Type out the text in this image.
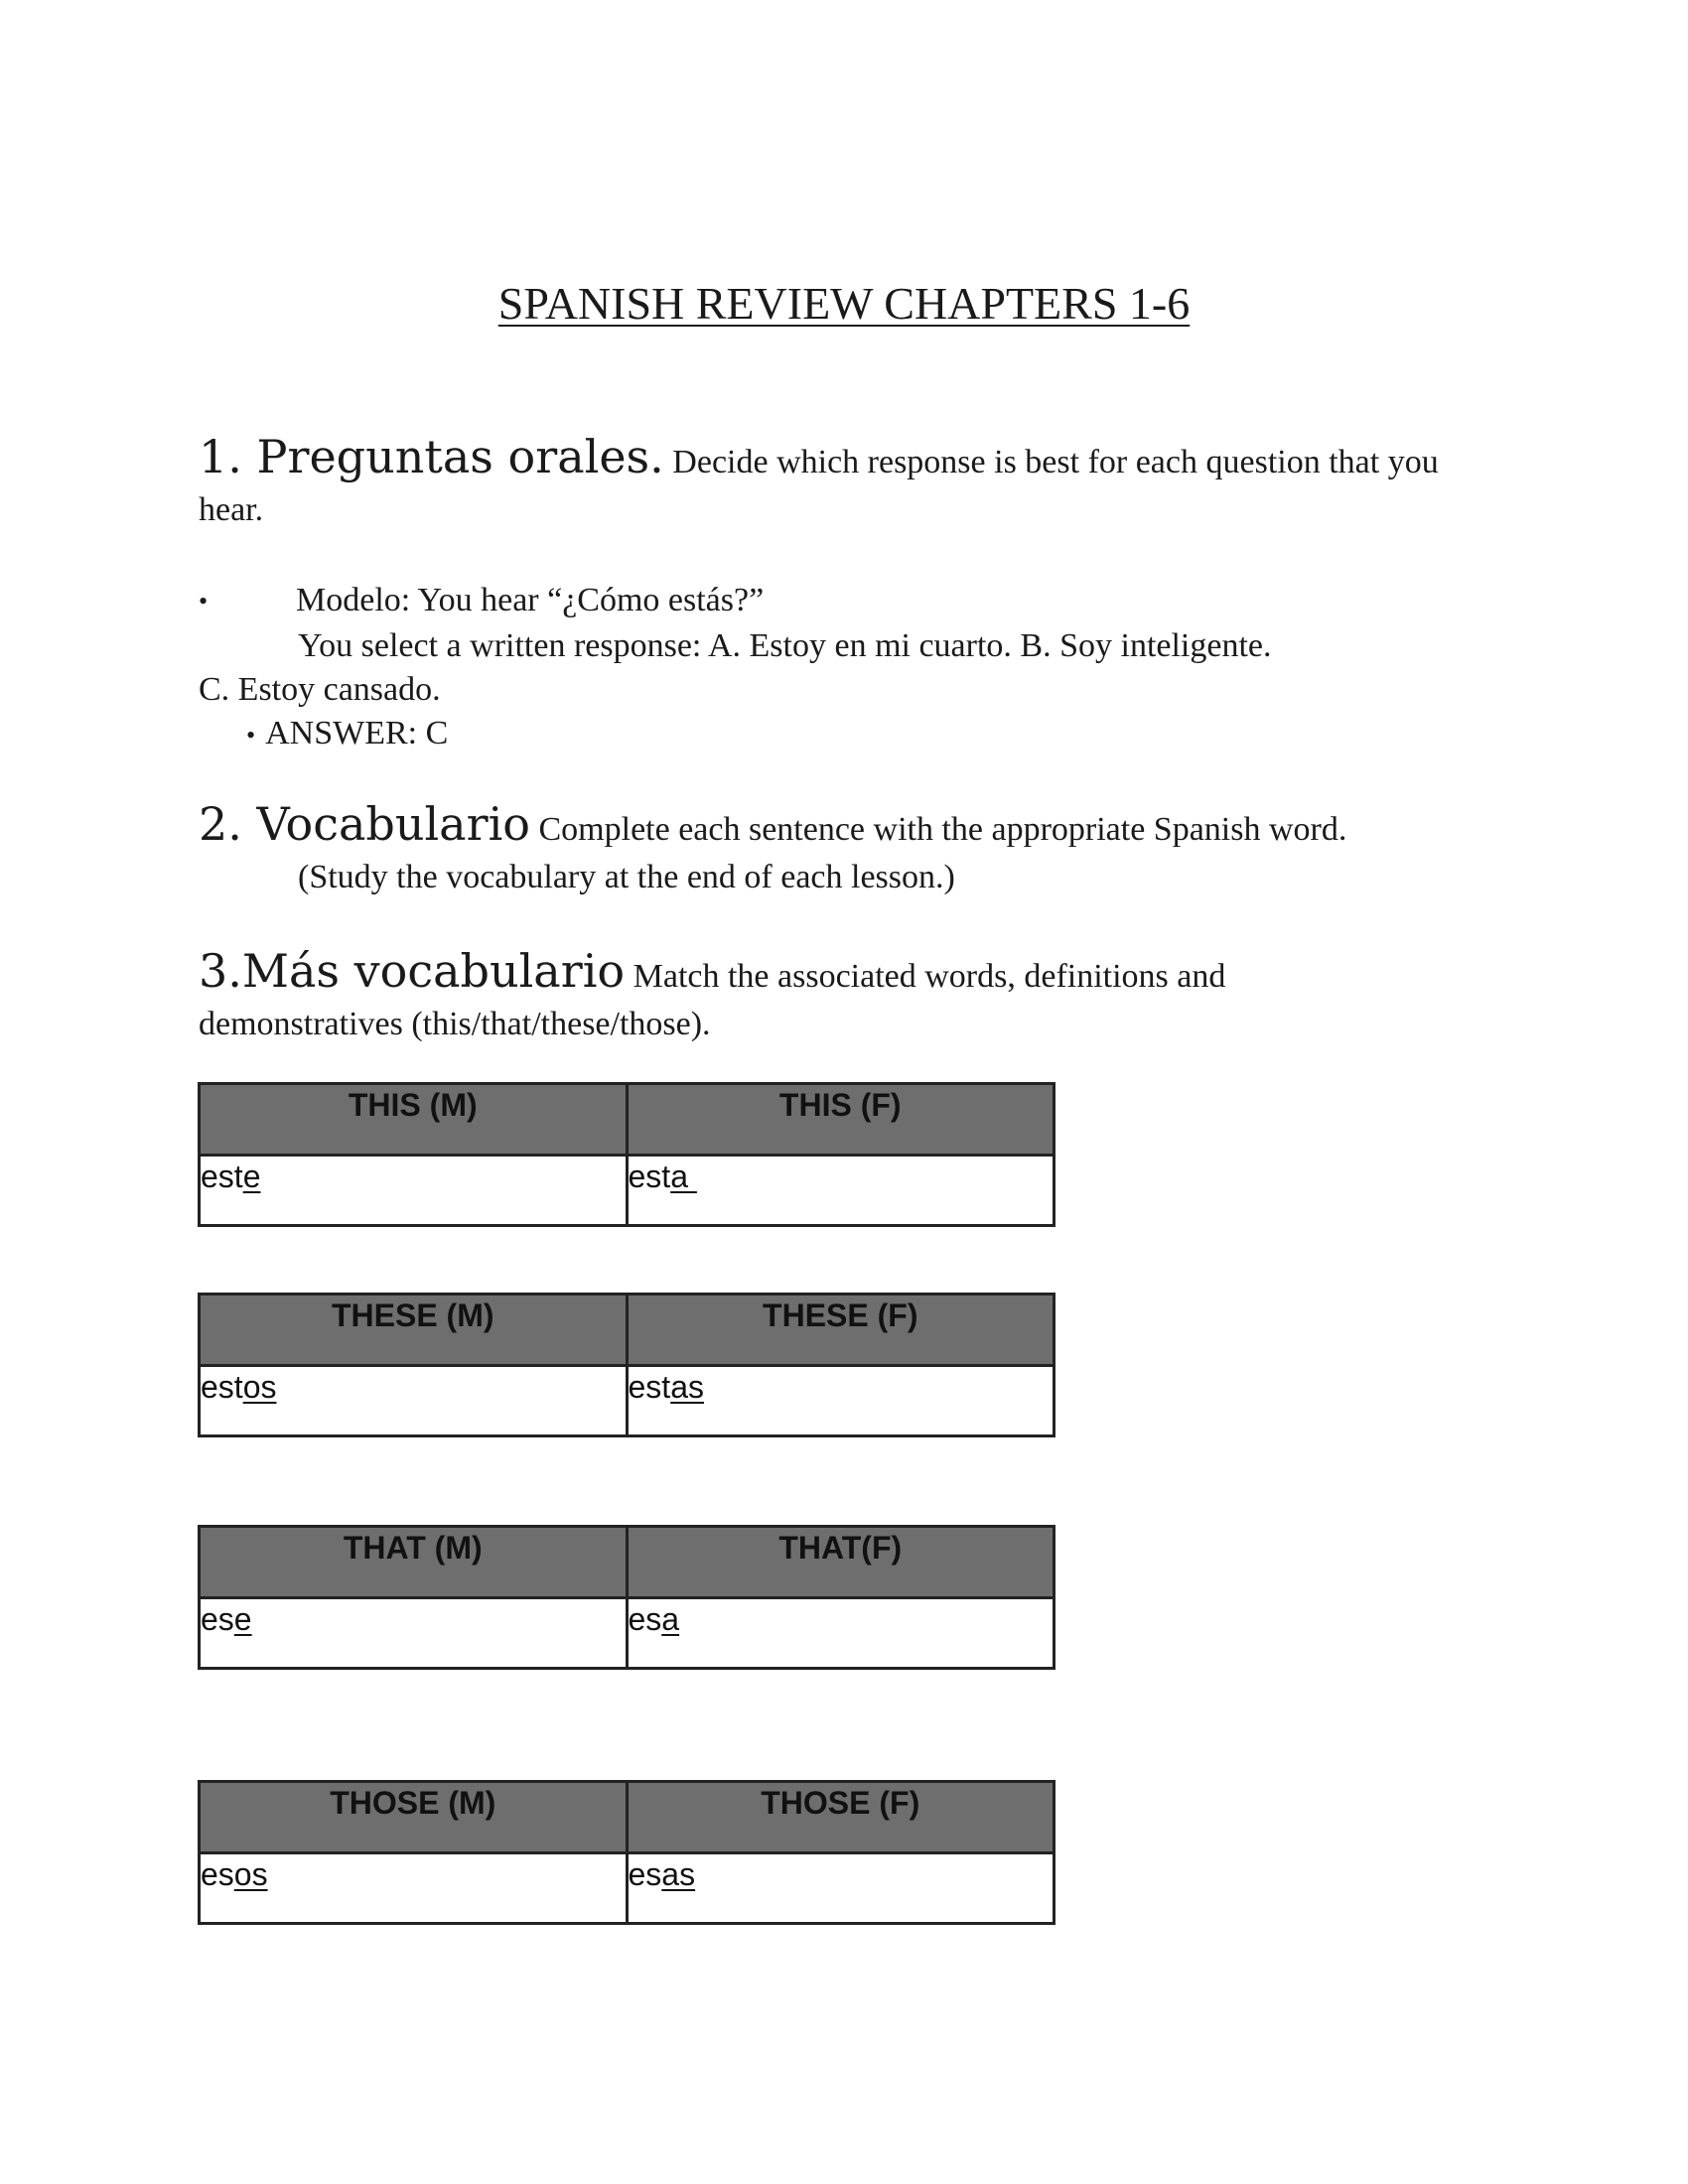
SPANISH REVIEW CHAPTERS 1-6
1. Preguntas orales. Decide which response is best for each question that you
hear.
•	Modelo: You hear “¿Cómo estás?”
You select a written response: A. Estoy en mi cuarto. B. Soy inteligente.
C. Estoy cansado.
• ANSWER: C
2. Vocabulario Complete each sentence with the appropriate Spanish word.
(Study the vocabulary at the end of each lesson.)
3.Más vocabulario Match the associated words, definitions and
demonstratives (this/that/these/those).
THIS (M)	THIS (F)
este	esta
THESE (M)	THESE (F)
estos	estas
THAT (M)	THAT(F)
ese	esa
THOSE (M)	THOSE (F)
esos	esas
